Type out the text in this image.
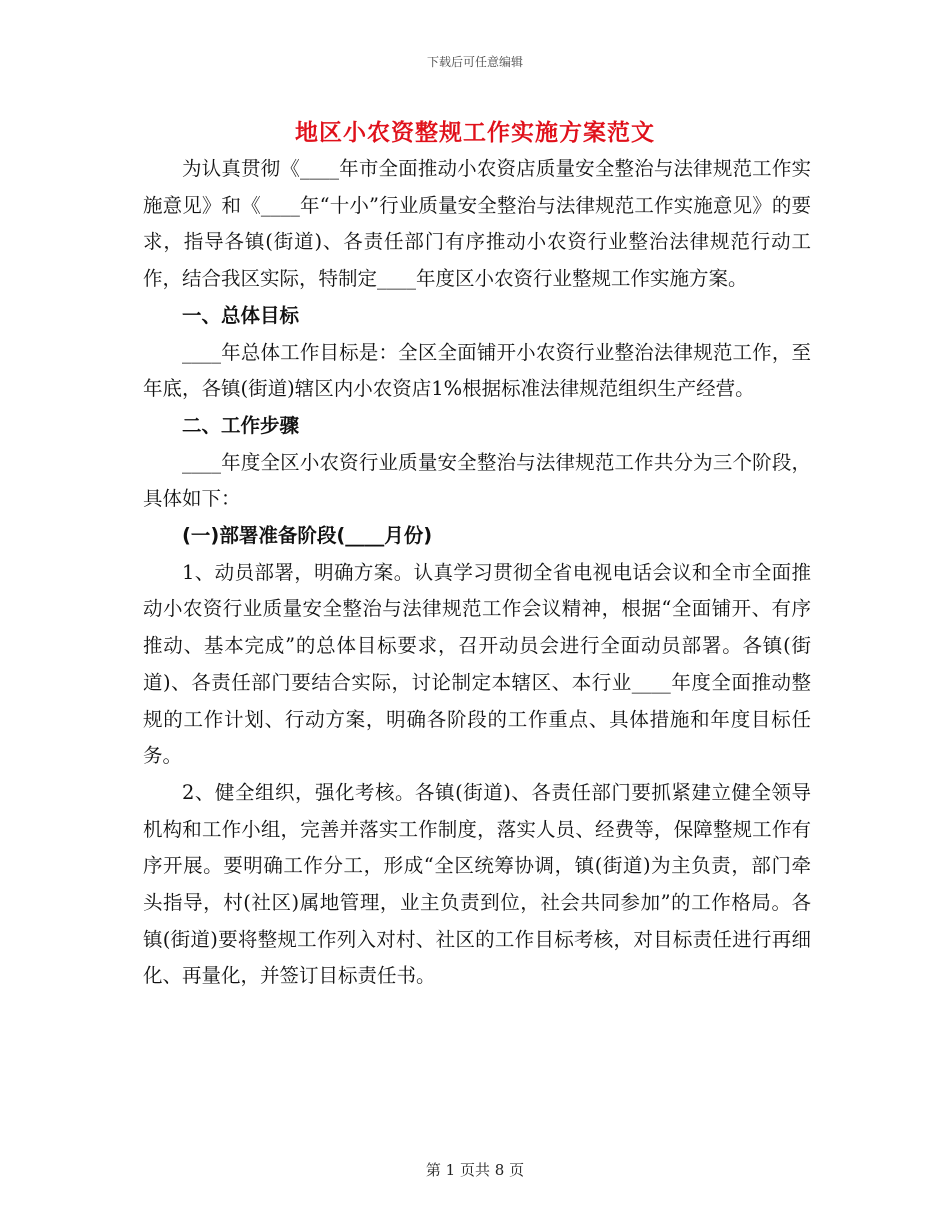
下载后可任意编辑
地区小农资整规工作实施方案范文

为认真贯彻《____年市全面推动小农资店质量安全整治与法律规范工作实施意见》和《____年“十小”行业质量安全整治与法律规范工作实施意见》的要求，指导各镇(街道)、各责任部门有序推动小农资行业整治法律规范行动工作，结合我区实际，特制定____年度区小农资行业整规工作实施方案。

一、总体目标

____年总体工作目标是：全区全面铺开小农资行业整治法律规范工作，至年底，各镇(街道)辖区内小农资店1%根据标准法律规范组织生产经营。

二、工作步骤

____年度全区小农资行业质量安全整治与法律规范工作共分为三个阶段，具体如下：

(一)部署准备阶段(____月份)

1、动员部署，明确方案。认真学习贯彻全省电视电话会议和全市全面推动小农资行业质量安全整治与法律规范工作会议精神，根据“全面铺开、有序推动、基本完成”的总体目标要求，召开动员会进行全面动员部署。各镇(街道)、各责任部门要结合实际，讨论制定本辖区、本行业____年度全面推动整规的工作计划、行动方案，明确各阶段的工作重点、具体措施和年度目标任务。

2、健全组织，强化考核。各镇(街道)、各责任部门要抓紧建立健全领导机构和工作小组，完善并落实工作制度，落实人员、经费等，保障整规工作有序开展。要明确工作分工，形成“全区统筹协调，镇(街道)为主负责，部门牵头指导，村(社区)属地管理，业主负责到位，社会共同参加”的工作格局。各镇(街道)要将整规工作列入对村、社区的工作目标考核，对目标责任进行再细化、再量化，并签订目标责任书。

第 1 页共 8 页
